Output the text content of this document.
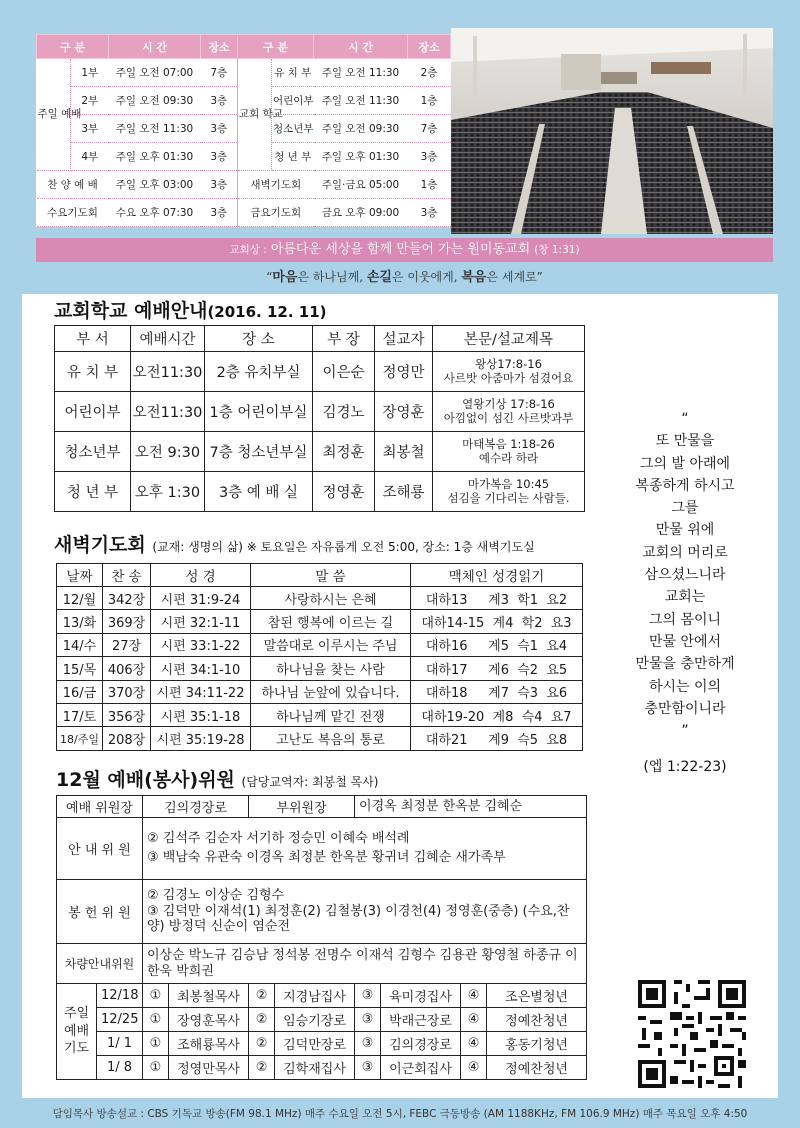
구 분		시 간	장소	구 분		시 간	장소
주일 예배	1부	주일 오전 07:00	7층	교회 학교	유 치 부	주일 오전 11:30	2층
	2부	주일 오전 09:30	3층		어린이부	주일 오전 11:30	1층
	3부	주일 오전 11:30	3층		청소년부	주일 오전 09:30	7층
	4부	주일 오후 01:30	3층		청 년 부	주일 오후 01:30	3층
찬 양 예 배		주일 오후 03:00	3층	새벽기도회		주일·금요 05:00	1층
수요기도회		수요 오후 07:30	3층	금요기도회		금요 오후 09:00	3층
교회상 : 아름다운 세상을 함께 만들어 가는 원미동교회 (창 1:31)
“마음은 하나님께, 손길은 이웃에게, 복음은 세계로”
교회학교 예배안내(2016. 12. 11)
부 서	예배시간	장 소	부 장	설교자	본문/설교제목
유 치 부	오전11:30	2층 유치부실	이은순	정영만	왕상17:8-16
사르밧 아줌마가 섬겼어요

어린이부	오전11:30	1층 어린이부실	김경노	장영훈	열왕기상 17:8-16
아낌없이 섬긴 사르밧과부

청소년부	오전 9:30	7층 청소년부실	최정훈	최봉철	마태복음 1:18-26
예수라 하라

청 년 부	오후 1:30	3층 예 배 실	정영훈	조해룡	마가복음 10:45
섬김을 기다리는 사람들.
새벽기도회 (교재: 생명의 삶) ※ 토요일은 자유롭게 오전 5:00, 장소: 1층 새벽기도실
날짜	찬 송	성 경	말 씀	맥체인 성경읽기
12/월	342장	시편 31:9-24	사랑하시는 은혜	대하13     계3  학1  요2
13/화	369장	시편 32:1-11	참된 행복에 이르는 길	대하14-15  계4  학2  요3
14/수	27장	시편 33:1-22	말씀대로 이루시는 주님	대하16     계5  슥1  요4
15/목	406장	시편 34:1-10	하나님을 찾는 사람	대하17     계6  슥2  요5
16/금	370장	시편 34:11-22	하나님 눈앞에 있습니다.	대하18     계7  슥3  요6
17/토	356장	시편 35:1-18	하나님께 맡긴 전쟁	대하19-20  계8  슥4  요7
18/주일	208장	시편 35:19-28	고난도 복음의 통로	대하21     계9  슥5  요8
12월 예배(봉사)위원 (담당교역자: 최봉철 목사)
예배 위원장		김의경장로		부위원장		이경옥 최정분 한옥분 김혜순			
안 내 위 원		② 김석주 김순자 서기하 정승민 이혜숙 배석례
③ 백남숙 유관숙 이경옥 최정분 한옥분 황귀녀 김혜순 새가족부							

봉 헌 위 원		② 김경노 이상순 김형수
③ 김덕만 이재석(1) 최정훈(2) 김철봉(3) 이경천(4) 정영훈(중층) (수요,찬양) 방정덕 신순이 염순전							

차량안내위원		이상순 박노규 김승남 정석봉 전명수 이재석 김형수 김용관 황영철 하종규 이한욱 박희권							
주일 예배 기도	12/18	①	최봉철목사	②	지경남집사	③	육미경집사	④	조은별청년
	12/25	①	장영훈목사	②	임승기장로	③	박래근장로	④	정예찬청년
	1/ 1	①	조해룡목사	②	김덕만장로	③	김의경장로	④	홍동기청년
	1/ 8	①	정영만목사	②	김학재집사	③	이근회집사	④	정예찬청년
“
또 만물을
그의 발 아래에
복종하게 하시고
그를
만물 위에
교회의 머리로
삼으셨느니라
교회는
그의 몸이니
만물 안에서
만물을 충만하게
하시는 이의
충만함이니라
”
(엡 1:22-23)
담임목사 방송설교 : CBS 기독교 방송(FM 98.1 MHz) 매주 수요일 오전 5시, FEBC 극동방송 (AM 1188KHz, FM 106.9 MHz) 매주 목요일 오후 4:50
